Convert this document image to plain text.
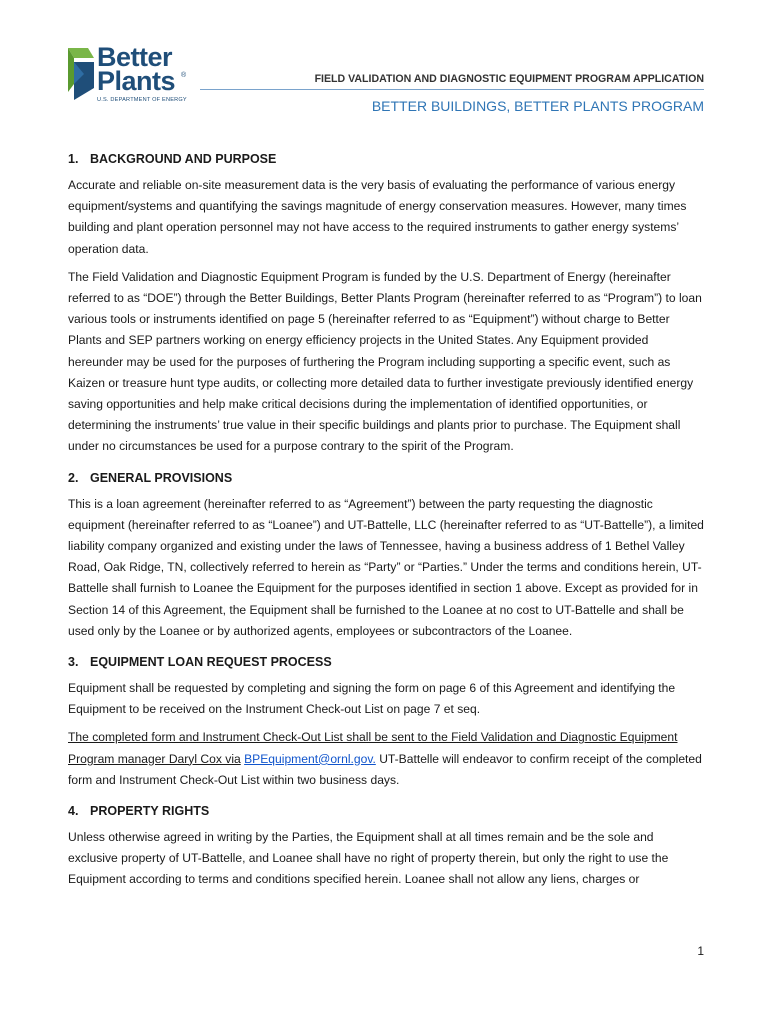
Better
Plants ®
U.S. DEPARTMENT OF ENERGY
FIELD VALIDATION AND DIAGNOSTIC EQUIPMENT PROGRAM APPLICATION
BETTER BUILDINGS, BETTER PLANTS PROGRAM
1. BACKGROUND AND PURPOSE

Accurate and reliable on-site measurement data is the very basis of evaluating the performance of various energy equipment/systems and quantifying the savings magnitude of energy conservation measures. However, many times building and plant operation personnel may not have access to the required instruments to gather energy systems’ operation data.

The Field Validation and Diagnostic Equipment Program is funded by the U.S. Department of Energy (hereinafter referred to as “DOE”) through the Better Buildings, Better Plants Program (hereinafter referred to as “Program”) to loan various tools or instruments identified on page 5 (hereinafter referred to as “Equipment”) without charge to Better Plants and SEP partners working on energy efficiency projects in the United States. Any Equipment provided hereunder may be used for the purposes of furthering the Program including supporting a specific event, such as Kaizen or treasure hunt type audits, or collecting more detailed data to further investigate previously identified energy saving opportunities and help make critical decisions during the implementation of identified opportunities, or determining the instruments’ true value in their specific buildings and plants prior to purchase. The Equipment shall under no circumstances be used for a purpose contrary to the spirit of the Program.

2. GENERAL PROVISIONS

This is a loan agreement (hereinafter referred to as “Agreement”) between the party requesting the diagnostic equipment (hereinafter referred to as “Loanee”) and UT-Battelle, LLC (hereinafter referred to as “UT-Battelle”), a limited liability company organized and existing under the laws of Tennessee, having a business address of 1 Bethel Valley Road, Oak Ridge, TN, collectively referred to herein as “Party” or “Parties.” Under the terms and conditions herein, UT-Battelle shall furnish to Loanee the Equipment for the purposes identified in section 1 above. Except as provided for in Section 14 of this Agreement, the Equipment shall be furnished to the Loanee at no cost to UT-Battelle and shall be used only by the Loanee or by authorized agents, employees or subcontractors of the Loanee.

3. EQUIPMENT LOAN REQUEST PROCESS

Equipment shall be requested by completing and signing the form on page 6 of this Agreement and identifying the Equipment to be received on the Instrument Check-out List on page 7 et seq.

The completed form and Instrument Check-Out List shall be sent to the Field Validation and Diagnostic Equipment Program manager Daryl Cox via BPEquipment@ornl.gov. UT-Battelle will endeavor to confirm receipt of the completed form and Instrument Check-Out List within two business days.

4. PROPERTY RIGHTS

Unless otherwise agreed in writing by the Parties, the Equipment shall at all times remain and be the sole and exclusive property of UT-Battelle, and Loanee shall have no right of property therein, but only the right to use the Equipment according to terms and conditions specified herein. Loanee shall not allow any liens, charges or

1
